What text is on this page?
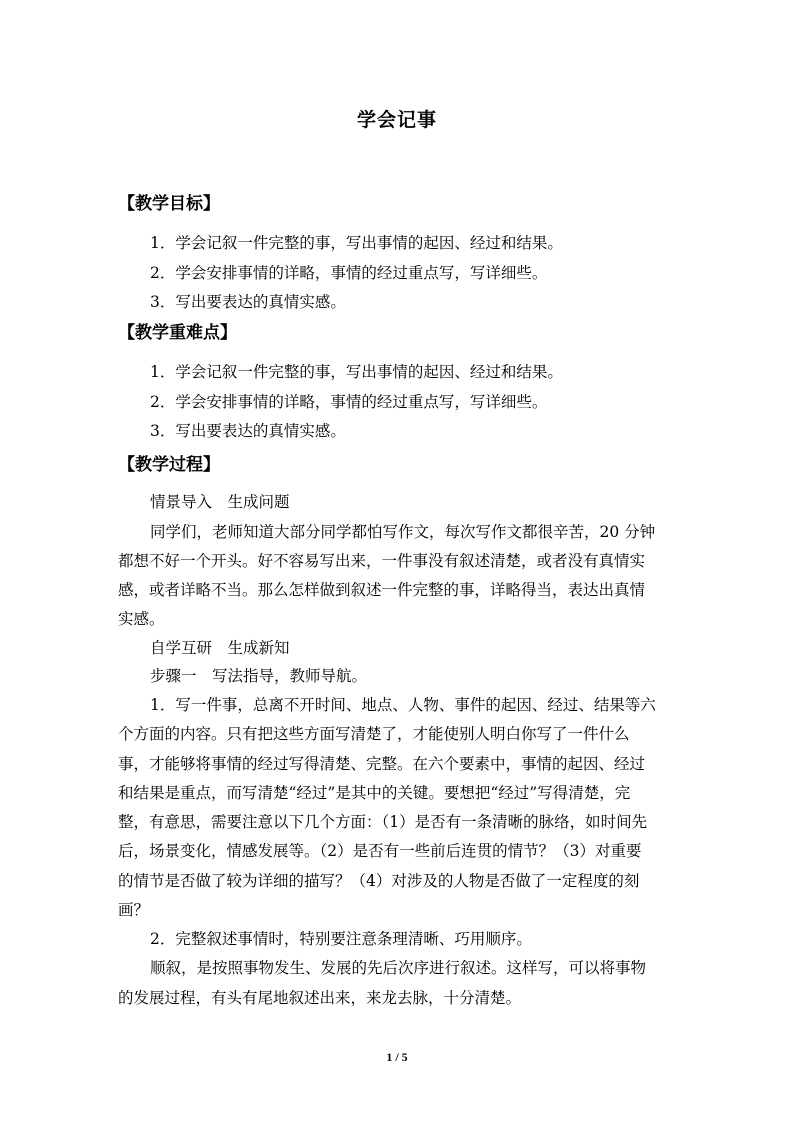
学会记事
【教学目标】
1．学会记叙一件完整的事，写出事情的起因、经过和结果。
2．学会安排事情的详略，事情的经过重点写，写详细些。
3．写出要表达的真情实感。
【教学重难点】
1．学会记叙一件完整的事，写出事情的起因、经过和结果。
2．学会安排事情的详略，事情的经过重点写，写详细些。
3．写出要表达的真情实感。
【教学过程】
情景导入　生成问题
同学们，老师知道大部分同学都怕写作文，每次写作文都很辛苦，20 分钟
都想不好一个开头。好不容易写出来，一件事没有叙述清楚，或者没有真情实
感，或者详略不当。那么怎样做到叙述一件完整的事，详略得当，表达出真情
实感。
自学互研　生成新知
步骤一　写法指导，教师导航。
1．写一件事，总离不开时间、地点、人物、事件的起因、经过、结果等六
个方面的内容。只有把这些方面写清楚了，才能使别人明白你写了一件什么
事，才能够将事情的经过写得清楚、完整。在六个要素中，事情的起因、经过
和结果是重点，而写清楚“经过”是其中的关键。要想把“经过”写得清楚，完
整，有意思，需要注意以下几个方面：（1）是否有一条清晰的脉络，如时间先
后，场景变化，情感发展等。（2）是否有一些前后连贯的情节？（3）对重要
的情节是否做了较为详细的描写？（4）对涉及的人物是否做了一定程度的刻
画？
2．完整叙述事情时，特别要注意条理清晰、巧用顺序。
顺叙，是按照事物发生、发展的先后次序进行叙述。这样写，可以将事物
的发展过程，有头有尾地叙述出来，来龙去脉，十分清楚。
1 / 5
